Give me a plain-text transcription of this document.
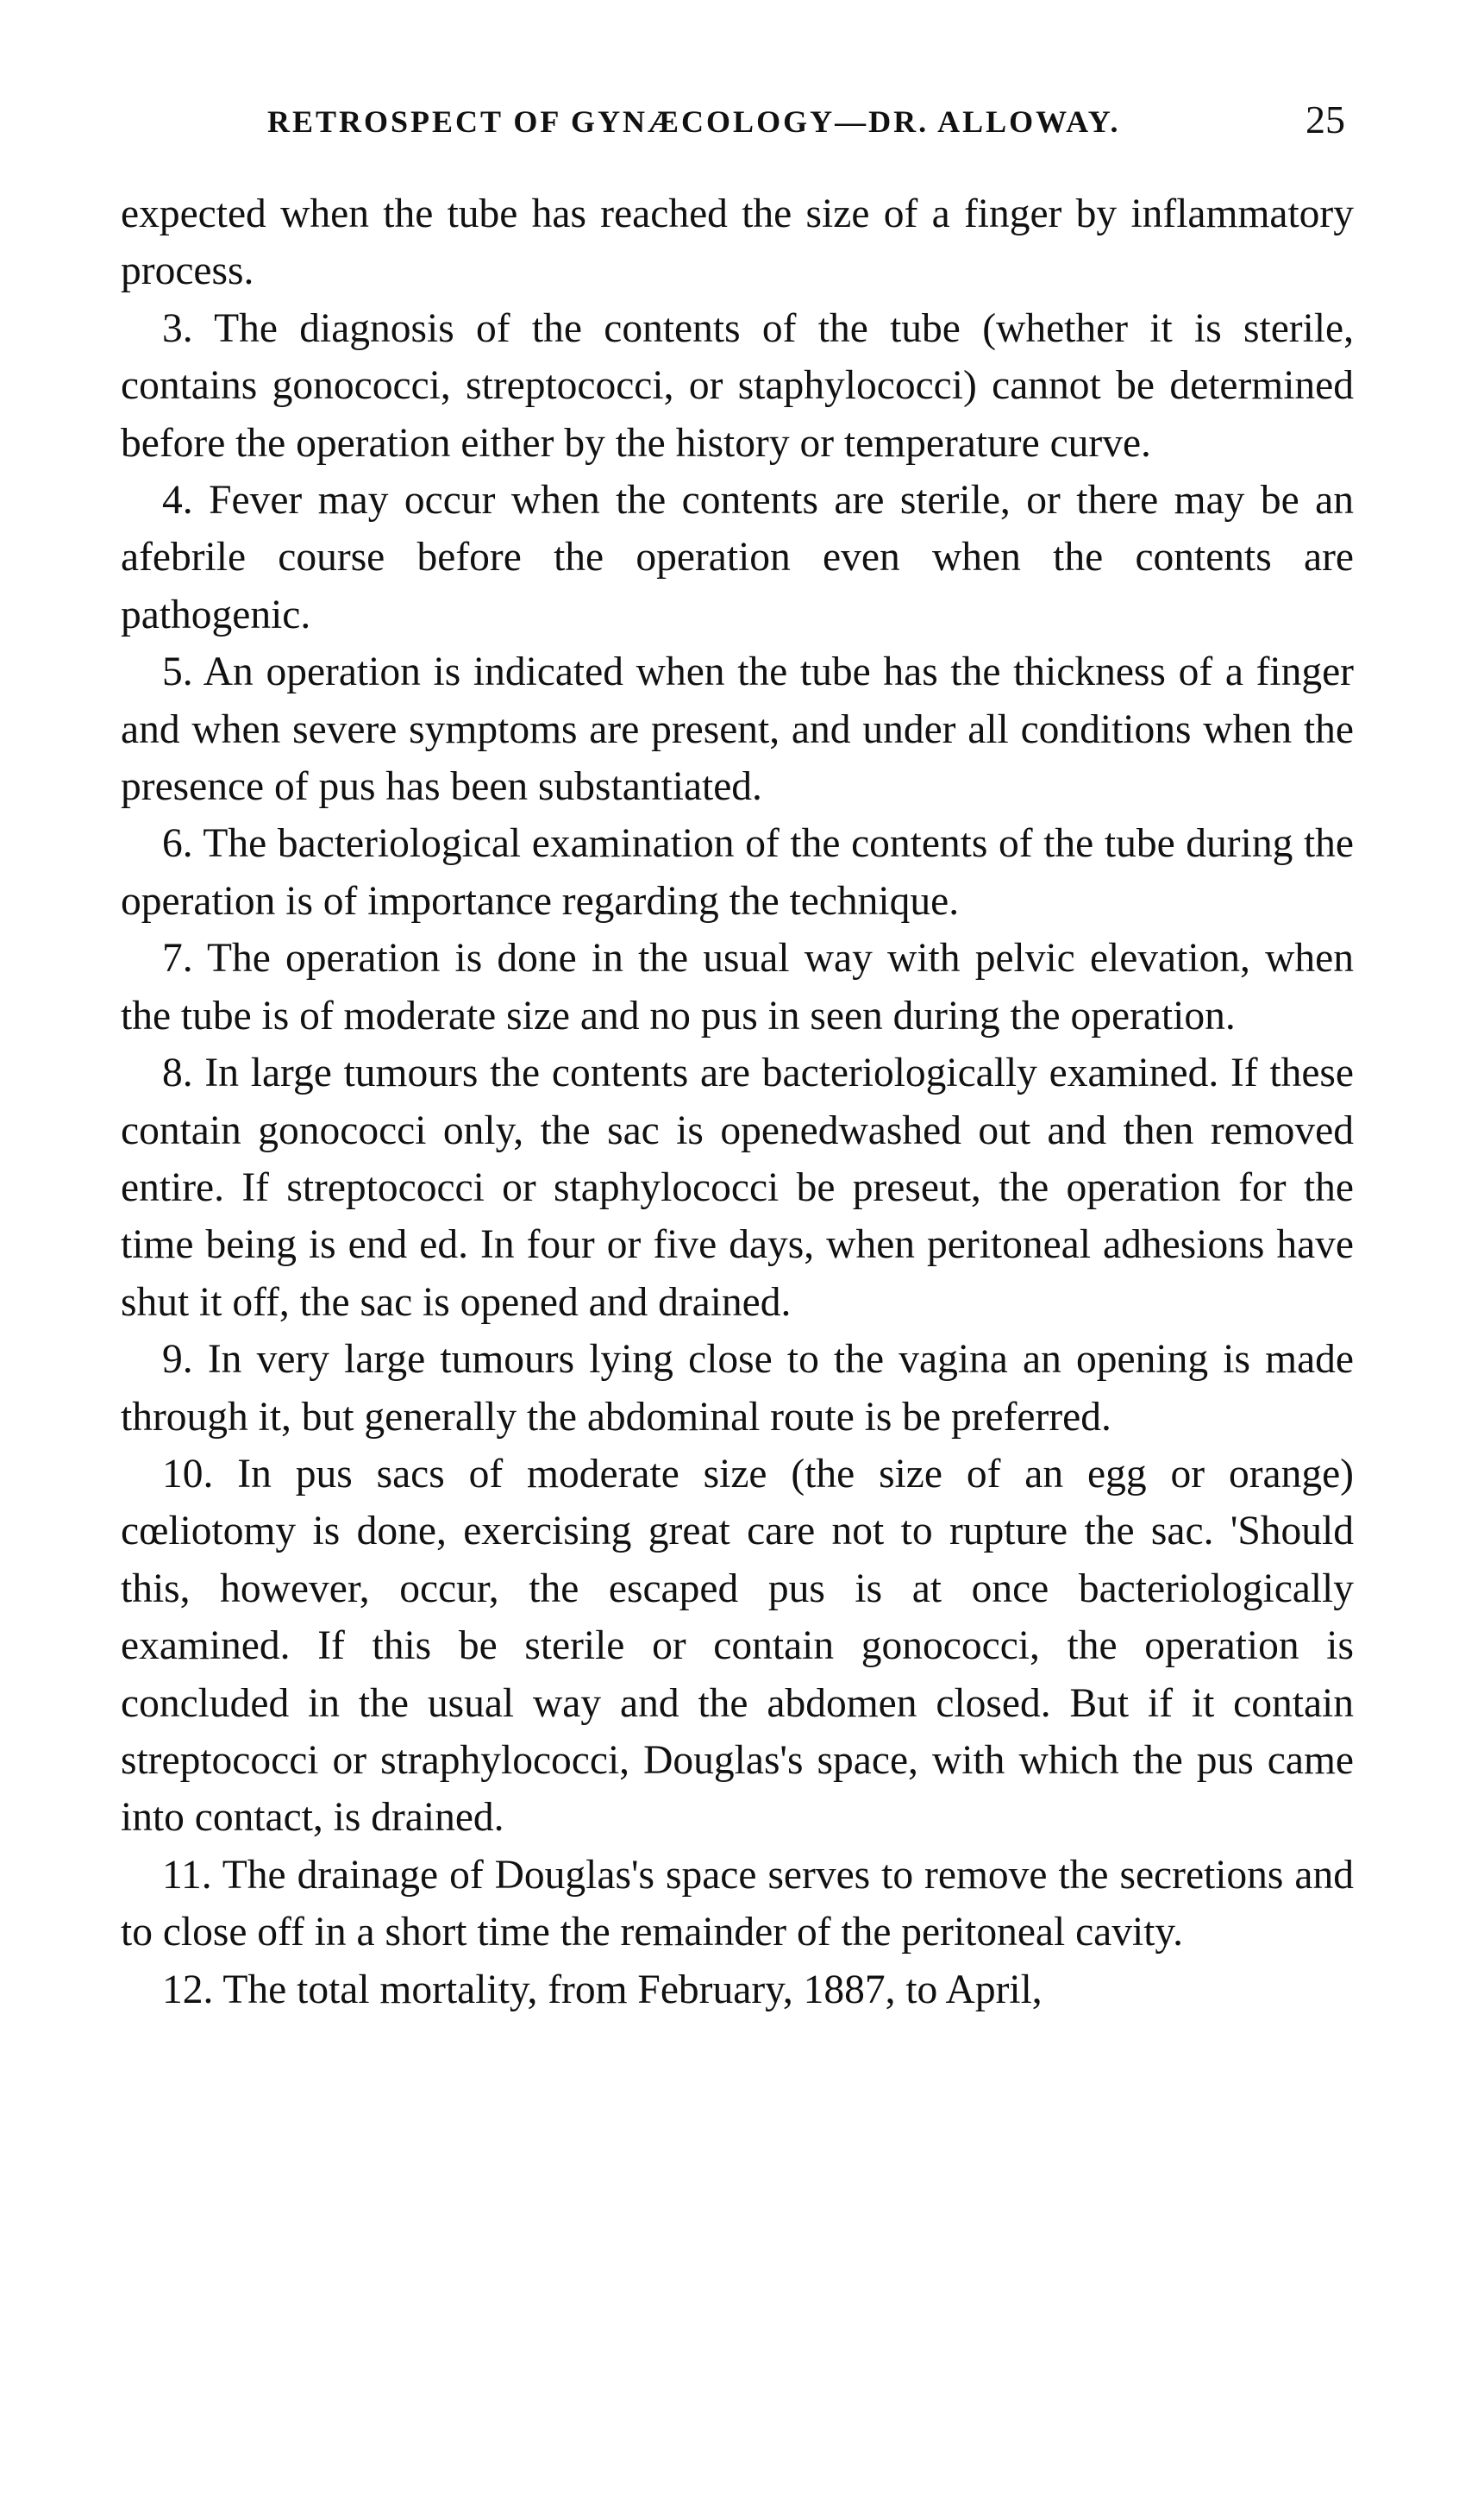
RETROSPECT OF GYNÆCOLOGY—DR. ALLOWAY.	25

expected when the tube has reached the size of a finger by inflammatory process.

3. The diagnosis of the contents of the tube (whether it is sterile, contains gonococci, streptococci, or staphylococci) cannot be determined before the operation either by the history or temperature curve.

4. Fever may occur when the contents are sterile, or there may be an afebrile course before the operation even when the contents are pathogenic.

5. An operation is indicated when the tube has the thickness of a finger and when severe symptoms are present, and under all conditions when the presence of pus has been substantiated.

6. The bacteriological examination of the contents of the tube during the operation is of importance regarding the technique.

7. The operation is done in the usual way with pelvic elevation, when the tube is of moderate size and no pus in seen during the operation.

8. In large tumours the contents are bacteriologically examined. If these contain gonococci only, the sac is openedwashed out and then removed entire. If streptococci or staphylococci be preseut, the operation for the time being is end ed. In four or five days, when peritoneal adhesions have shut it off, the sac is opened and drained.

9. In very large tumours lying close to the vagina an opening is made through it, but generally the abdominal route is be preferred.

10. In pus sacs of moderate size (the size of an egg or orange) cœliotomy is done, exercising great care not to rupture the sac. 'Should this, however, occur, the escaped pus is at once bacteriologically examined. If this be sterile or contain gonococci, the operation is concluded in the usual way and the abdomen closed. But if it contain streptococci or straphylococci, Douglas's space, with which the pus came into contact, is drained.

11. The drainage of Douglas's space serves to remove the secretions and to close off in a short time the remainder of the peritoneal cavity.

12. The total mortality, from February, 1887, to April,
